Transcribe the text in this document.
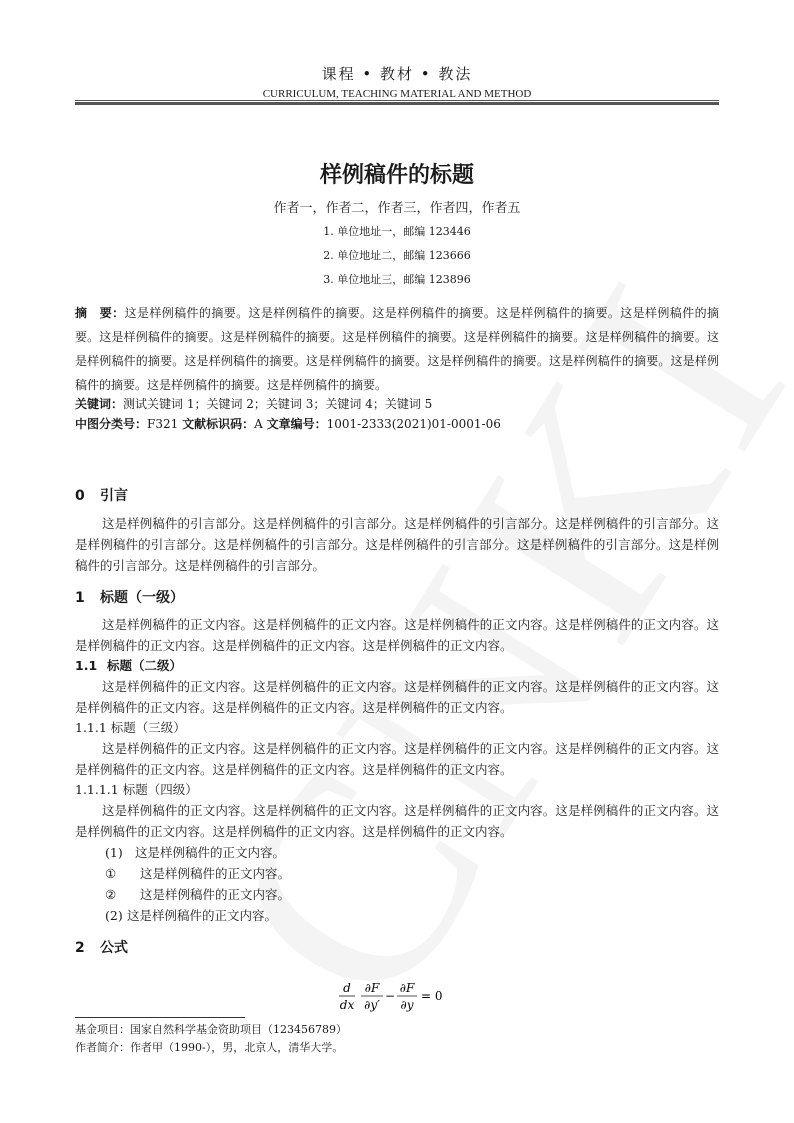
课程 • 教材 • 教法
CURRICULUM, TEACHING MATERIAL AND METHOD
样例稿件的标题
作者一，作者二，作者三，作者四，作者五
1. 单位地址一，邮编 123446
2. 单位地址二，邮编 123666
3. 单位地址三，邮编 123896
摘　要：这是样例稿件的摘要。这是样例稿件的摘要。这是样例稿件的摘要。这是样例稿件的摘要。这是样例稿件的摘要。这是样例稿件的摘要。这是样例稿件的摘要。这是样例稿件的摘要。这是样例稿件的摘要。这是样例稿件的摘要。这是样例稿件的摘要。这是样例稿件的摘要。这是样例稿件的摘要。这是样例稿件的摘要。这是样例稿件的摘要。这是样例稿件的摘要。这是样例稿件的摘要。这是样例稿件的摘要。
关键词：测试关键词 1；关键词 2；关键词 3；关键词 4；关键词 5
中图分类号：F321 文献标识码：A 文章编号：1001-2333(2021)01-0001-06
0 引言

这是样例稿件的引言部分。这是样例稿件的引言部分。这是样例稿件的引言部分。这是样例稿件的引言部分。这是样例稿件的引言部分。这是样例稿件的引言部分。这是样例稿件的引言部分。这是样例稿件的引言部分。这是样例稿件的引言部分。这是样例稿件的引言部分。

1 标题（一级）

这是样例稿件的正文内容。这是样例稿件的正文内容。这是样例稿件的正文内容。这是样例稿件的正文内容。这是样例稿件的正文内容。这是样例稿件的正文内容。这是样例稿件的正文内容。

1.1 标题（二级）

这是样例稿件的正文内容。这是样例稿件的正文内容。这是样例稿件的正文内容。这是样例稿件的正文内容。这是样例稿件的正文内容。这是样例稿件的正文内容。这是样例稿件的正文内容。

1.1.1 标题（三级）

这是样例稿件的正文内容。这是样例稿件的正文内容。这是样例稿件的正文内容。这是样例稿件的正文内容。这是样例稿件的正文内容。这是样例稿件的正文内容。这是样例稿件的正文内容。

1.1.1.1 标题（四级）

这是样例稿件的正文内容。这是样例稿件的正文内容。这是样例稿件的正文内容。这是样例稿件的正文内容。这是样例稿件的正文内容。这是样例稿件的正文内容。这是样例稿件的正文内容。

(1) 这是样例稿件的正文内容。
① 这是样例稿件的正文内容。
② 这是样例稿件的正文内容。
(2) 这是样例稿件的正文内容。
2 公式
d
dx
∂F
∂y′
−
∂F
∂y
= 0
基金项目：国家自然科学基金资助项目（123456789）
作者简介：作者甲（1990-），男，北京人，清华大学。
